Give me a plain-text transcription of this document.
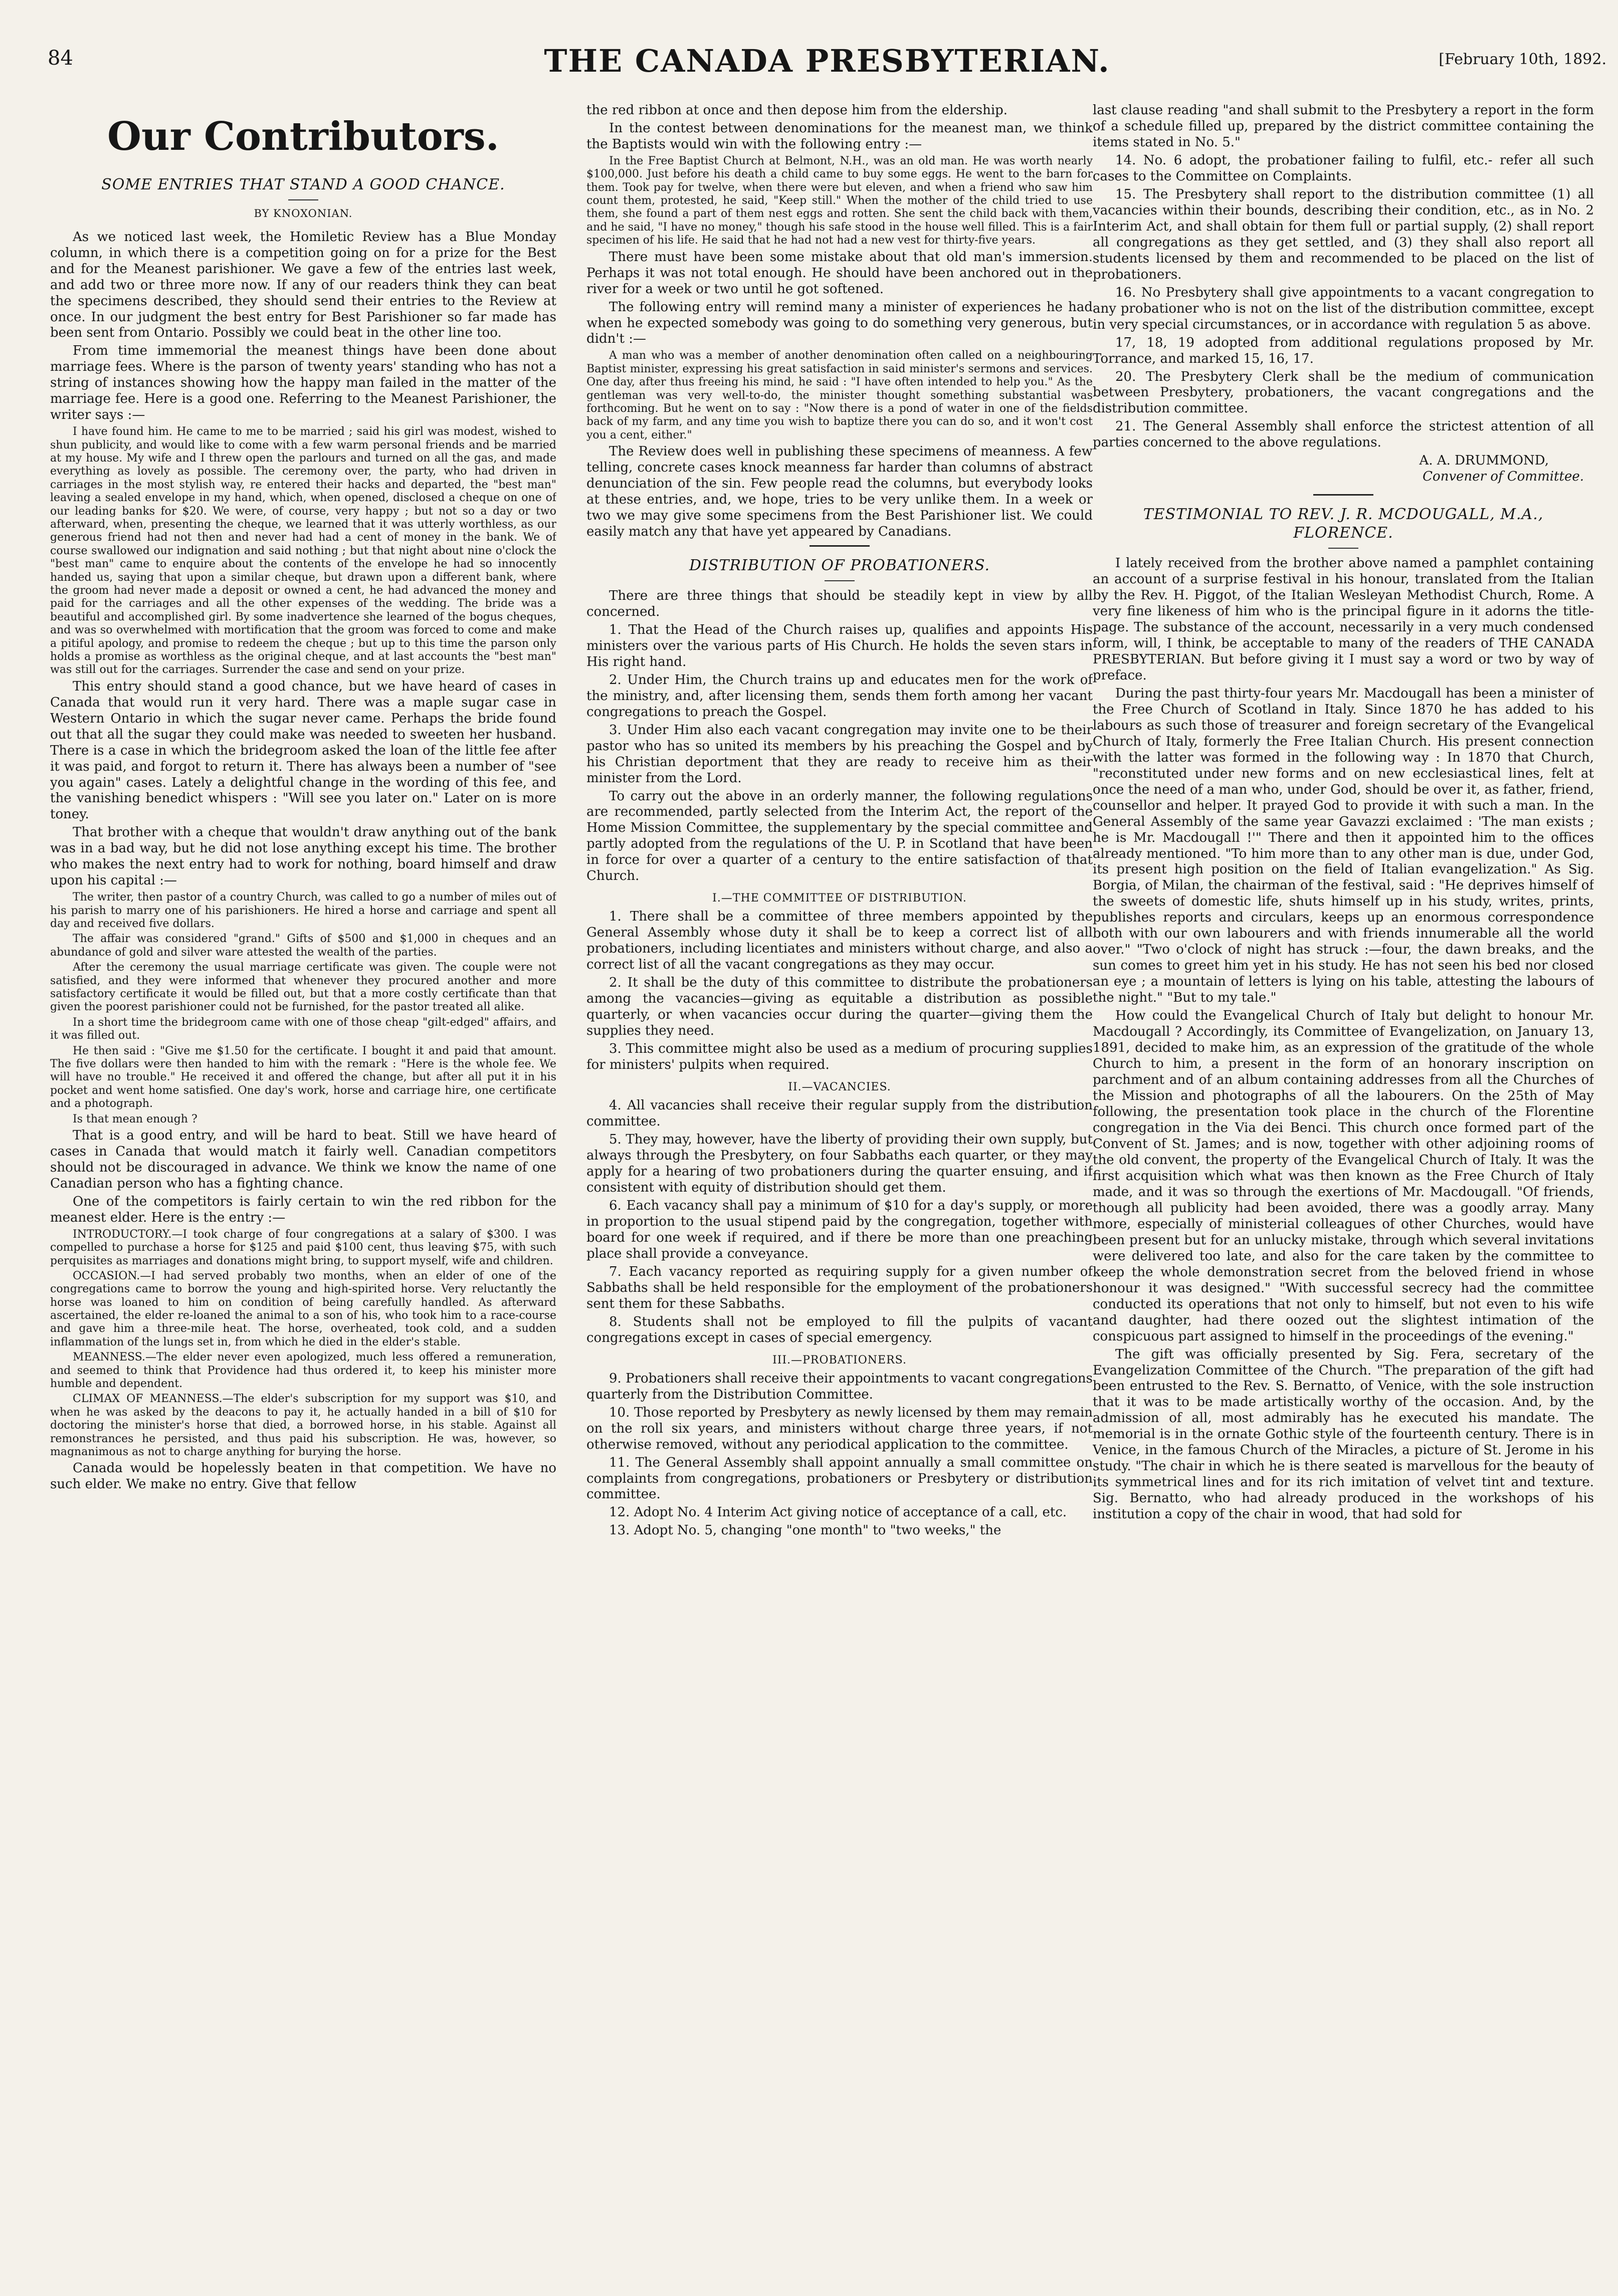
84	THE CANADA PRESBYTERIAN.	[February 10th, 1892.
Our Contributors.
SOME ENTRIES THAT STAND A GOOD CHANCE.
BY KNOXONIAN.

As we noticed last week, the Homiletic Review has a Blue Monday column, in which there is a competition going on for a prize for the Best and for the Meanest parishioner. We gave a few of the entries last week, and add two or three more now. If any of our readers think they can beat the specimens described, they should send their entries to the Review at once. In our judgment the best entry for Best Parishioner so far made has been sent from Ontario. Possibly we could beat in the other line too.

From time immemorial the meanest things have been done about marriage fees. Where is the parson of twenty years' standing who has not a string of instances showing how the happy man failed in the matter of the marriage fee. Here is a good one. Referring to the Meanest Parishioner, the writer says :—

I have found him. He came to me to be married ; said his girl was modest, wished to shun publicity, and would like to come with a few warm personal friends and be married at my house. My wife and I threw open the parlours and turned on all the gas, and made everything as lovely as possible. The ceremony over, the party, who had driven in carriages in the most stylish way, re entered their hacks and departed, the "best man" leaving a sealed envelope in my hand, which, when opened, disclosed a cheque on one of our leading banks for $20. We were, of course, very happy ; but not so a day or two afterward, when, presenting the cheque, we learned that it was utterly worthless, as our generous friend had not then and never had had a cent of money in the bank. We of course swallowed our indignation and said nothing ; but that night about nine o'clock the "best man" came to enquire about the contents of the envelope he had so innocently handed us, saying that upon a similar cheque, but drawn upon a different bank, where the groom had never made a deposit or owned a cent, he had advanced the money and paid for the carriages and all the other expenses of the wedding. The bride was a beautiful and accomplished girl. By some inadvertence she learned of the bogus cheques, and was so overwhelmed with mortification that the groom was forced to come and make a pitiful apology, and promise to redeem the cheque ; but up to this time the parson only holds a promise as worthless as the original cheque, and at last accounts the "best man" was still out for the carriages. Surrender the case and send on your prize.

This entry should stand a good chance, but we have heard of cases in Canada that would run it very hard. There was a maple sugar case in Western Ontario in which the sugar never came. Perhaps the bride found out that all the sugar they could make was needed to sweeten her husband. There is a case in which the bridegroom asked the loan of the little fee after it was paid, and forgot to return it. There has always been a number of "see you again" cases. Lately a delightful change in the wording of this fee, and the vanishing benedict whispers : "Will see you later on." Later on is more toney.

That brother with a cheque that wouldn't draw anything out of the bank was in a bad way, but he did not lose anything except his time. The brother who makes the next entry had to work for nothing, board himself and draw upon his capital :—

The writer, then pastor of a country Church, was called to go a number of miles out of his parish to marry one of his parishioners. He hired a horse and carriage and spent all day and received five dollars.

The affair was considered "grand." Gifts of $500 and $1,000 in cheques and an abundance of gold and silver ware attested the wealth of the parties.

After the ceremony the usual marriage certificate was given. The couple were not satisfied, and they were informed that whenever they procured another and more satisfactory certificate it would be filled out, but that a more costly certificate than that given the poorest parishioner could not be furnished, for the pastor treated all alike.

In a short time the bridegroom came with one of those cheap "gilt-edged" affairs, and it was filled out.

He then said : "Give me $1.50 for the certificate. I bought it and paid that amount. The five dollars were then handed to him with the remark : "Here is the whole fee. We will have no trouble." He received it and offered the change, but after all put it in his pocket and went home satisfied. One day's work, horse and carriage hire, one certificate and a photograph.

Is that mean enough ?

That is a good entry, and will be hard to beat. Still we have heard of cases in Canada that would match it fairly well. Canadian competitors should not be discouraged in advance. We think we know the name of one Canadian person who has a fighting chance.

One of the competitors is fairly certain to win the red ribbon for the meanest elder. Here is the entry :—

INTRODUCTORY.—I took charge of four congregations at a salary of $300. I was compelled to purchase a horse for $125 and paid $100 cent, thus leaving $75, with such perquisites as marriages and donations might bring, to support myself, wife and children.

OCCASION.—I had served probably two months, when an elder of one of the congregations came to borrow the young and high-spirited horse. Very reluctantly the horse was loaned to him on condition of being carefully handled. As afterward ascertained, the elder re-loaned the animal to a son of his, who took him to a race-course and gave him a three-mile heat. The horse, overheated, took cold, and a sudden inflammation of the lungs set in, from which he died in the elder's stable.

MEANNESS.—The elder never even apologized, much less offered a remuneration, and seemed to think that Providence had thus ordered it, to keep his minister more humble and dependent.

CLIMAX OF MEANNESS.—The elder's subscription for my support was $10, and when he was asked by the deacons to pay it, he actually handed in a bill of $10 for doctoring the minister's horse that died, a borrowed horse, in his stable. Against all remonstrances he persisted, and thus paid his subscription. He was, however, so magnanimous as not to charge anything for burying the horse.

Canada would be hopelessly beaten in that competition. We have no such elder. We make no entry. Give that fellow

the red ribbon at once and then depose him from the eldership.

In the contest between denominations for the meanest man, we think the Baptists would win with the following entry :—

In the Free Baptist Church at Belmont, N.H., was an old man. He was worth nearly $100,000. Just before his death a child came to buy some eggs. He went to the barn for them. Took pay for twelve, when there were but eleven, and when a friend who saw him count them, protested, he said, "Keep still." When the mother of the child tried to use them, she found a part of them nest eggs and rotten. She sent the child back with them, and he said, "I have no money," though his safe stood in the house well filled. This is a fair specimen of his life. He said that he had not had a new vest for thirty-five years.

There must have been some mistake about that old man's immersion. Perhaps it was not total enough. He should have been anchored out in the river for a week or two until he got softened.

The following entry will remind many a minister of experiences he had when he expected somebody was going to do something very generous, but didn't :—

A man who was a member of another denomination often called on a neighbouring Baptist minister, expressing his great satisfaction in said minister's sermons and services. One day, after thus freeing his mind, he said : "I have often intended to help you." As the gentleman was very well-to-do, the minister thought something substantial was forthcoming. But he went on to say : "Now there is a pond of water in one of the fields back of my farm, and any time you wish to baptize there you can do so, and it won't cost you a cent, either."

The Review does well in publishing these specimens of meanness. A few telling, concrete cases knock meanness far harder than columns of abstract denunciation of the sin. Few people read the columns, but everybody looks at these entries, and, we hope, tries to be very unlike them. In a week or two we may give some specimens from the Best Parishioner list. We could easily match any that have yet appeared by Canadians.

DISTRIBUTION OF PROBATIONERS.

There are three things that should be steadily kept in view by all concerned.

1. That the Head of the Church raises up, qualifies and appoints His ministers over the various parts of His Church. He holds the seven stars in His right hand.

2. Under Him, the Church trains up and educates men for the work of the ministry, and, after licensing them, sends them forth among her vacant congregations to preach the Gospel.

3. Under Him also each vacant congregation may invite one to be their pastor who has so united its members by his preaching the Gospel and by his Christian deportment that they are ready to receive him as their minister from the Lord.

To carry out the above in an orderly manner, the following regulations are recommended, partly selected from the Interim Act, the report of the Home Mission Committee, the supplementary by the special committee and partly adopted from the regulations of the U. P. in Scotland that have been in force for over a quarter of a century to the entire satisfaction of that Church.

I.—THE COMMITTEE OF DISTRIBUTION.

1. There shall be a committee of three members appointed by the General Assembly whose duty it shall be to keep a correct list of all probationers, including licentiates and ministers without charge, and also a correct list of all the vacant congregations as they may occur.

2. It shall be the duty of this committee to distribute the probationers among the vacancies—giving as equitable a distribution as possible quarterly, or when vacancies occur during the quarter—giving them the supplies they need.

3. This committee might also be used as a medium of procuring supplies for ministers' pulpits when required.

II.—VACANCIES.

4. All vacancies shall receive their regular supply from the distribution committee.

5. They may, however, have the liberty of providing their own supply, but always through the Presbytery, on four Sabbaths each quarter, or they may apply for a hearing of two probationers during the quarter ensuing, and if consistent with equity of distribution should get them.

6. Each vacancy shall pay a minimum of $10 for a day's supply, or more in proportion to the usual stipend paid by the congregation, together with board for one week if required, and if there be more than one preaching place shall provide a conveyance.

7. Each vacancy reported as requiring supply for a given number of Sabbaths shall be held responsible for the employment of the probationers sent them for these Sabbaths.

8. Students shall not be employed to fill the pulpits of vacant congregations except in cases of special emergency.

III.—PROBATIONERS.

9. Probationers shall receive their appointments to vacant congregations quarterly from the Distribution Committee.

10. Those reported by Presbytery as newly licensed by them may remain on the roll six years, and ministers without charge three years, if not otherwise removed, without any periodical application to the committee.

11. The General Assembly shall appoint annually a small committee on complaints from congregations, probationers or Presbytery or distribution committee.

12. Adopt No. 4 Interim Act giving notice of acceptance of a call, etc.

13. Adopt No. 5, changing "one month" to "two weeks," the

last clause reading "and shall submit to the Presbytery a report in the form of a schedule filled up, prepared by the district committee containing the items stated in No. 5."

14. No. 6 adopt, the probationer failing to fulfil, etc.- refer all such cases to the Committee on Complaints.

15. The Presbytery shall report to the distribution committee (1) all vacancies within their bounds, describing their condition, etc., as in No. 2 Interim Act, and shall obtain for them full or partial supply, (2) shall report all congregations as they get settled, and (3) they shall also report all students licensed by them and recommended to be placed on the list of probationers.

16. No Presbytery shall give appointments to a vacant congregation to any probationer who is not on the list of the distribution committee, except in very special circumstances, or in accordance with regulation 5 as above.

17, 18, 19 adopted from additional regulations proposed by Mr. Torrance, and marked 15, 16, 17.

20. The Presbytery Clerk shall be the medium of communication between Presbytery, probationers, the vacant congregations and the distribution committee.

21. The General Assembly shall enforce the strictest attention of all parties concerned to the above regulations.

A. A. DRUMMOND,
Convener of Committee.
TESTIMONIAL TO REV. J. R. MCDOUGALL, M.A., FLORENCE.

I lately received from the brother above named a pamphlet containing an account of a surprise festival in his honour, translated from the Italian by the Rev. H. Piggot, of the Italian Wesleyan Methodist Church, Rome. A very fine likeness of him who is the principal figure in it adorns the title-page. The substance of the account, necessarily in a very much condensed form, will, I think, be acceptable to many of the readers of THE CANADA PRESBYTERIAN. But before giving it I must say a word or two by way of preface.

During the past thirty-four years Mr. Macdougall has been a minister of the Free Church of Scotland in Italy. Since 1870 he has added to his labours as such those of treasurer and foreign secretary of the Evangelical Church of Italy, formerly the Free Italian Church. His present connection with the latter was formed in the following way : In 1870 that Church, "reconstituted under new forms and on new ecclesiastical lines, felt at once the need of a man who, under God, should be over it, as father, friend, counsellor and helper. It prayed God to provide it with such a man. In the General Assembly of the same year Gavazzi exclaimed : 'The man exists ; he is Mr. Macdougall !'" There and then it appointed him to the offices already mentioned. "To him more than to any other man is due, under God, its present high position on the field of Italian evangelization." As Sig. Borgia, of Milan, the chairman of the festival, said : "He deprives himself of the sweets of domestic life, shuts himself up in his study, writes, prints, publishes reports and circulars, keeps up an enormous correspondence both with our own labourers and with friends innumerable all the world over." "Two o'clock of night has struck :—four, the dawn breaks, and the sun comes to greet him yet in his study. He has not seen his bed nor closed an eye ; a mountain of letters is lying on his table, attesting the labours of the night." "But to my tale."

How could the Evangelical Church of Italy but delight to honour Mr. Macdougall ? Accordingly, its Committee of Evangelization, on January 13, 1891, decided to make him, as an expression of the gratitude of the whole Church to him, a present in the form of an honorary inscription on parchment and of an album containing addresses from all the Churches of the Mission and photographs of all the labourers. On the 25th of May following, the presentation took place in the church of the Florentine congregation in the Via dei Benci. This church once formed part of the Convent of St. James; and is now, together with other adjoining rooms of the old convent, the property of the Evangelical Church of Italy. It was the first acquisition which what was then known as the Free Church of Italy made, and it was so through the exertions of Mr. Macdougall. "Of friends, though all publicity had been avoided, there was a goodly array. Many more, especially of ministerial colleagues of other Churches, would have been present but for an unlucky mistake, through which several invitations were delivered too late, and also for the care taken by the committee to keep the whole demonstration secret from the beloved friend in whose honour it was designed." "With successful secrecy had the committee conducted its operations that not only to himself, but not even to his wife and daughter, had there oozed out the slightest intimation of the conspicuous part assigned to himself in the proceedings of the evening."

The gift was officially presented by Sig. Fera, secretary of the Evangelization Committee of the Church. "The preparation of the gift had been entrusted to the Rev. S. Bernatto, of Venice, with the sole instruction that it was to be made artistically worthy of the occasion. And, by the admission of all, most admirably has he executed his mandate. The memorial is in the ornate Gothic style of the fourteenth century. There is in Venice, in the famous Church of the Miracles, a picture of St. Jerome in his study. "The chair in which he is there seated is marvellous for the beauty of its symmetrical lines and for its rich imitation of velvet tint and texture. Sig. Bernatto, who had already produced in the workshops of his institution a copy of the chair in wood, that had sold for
